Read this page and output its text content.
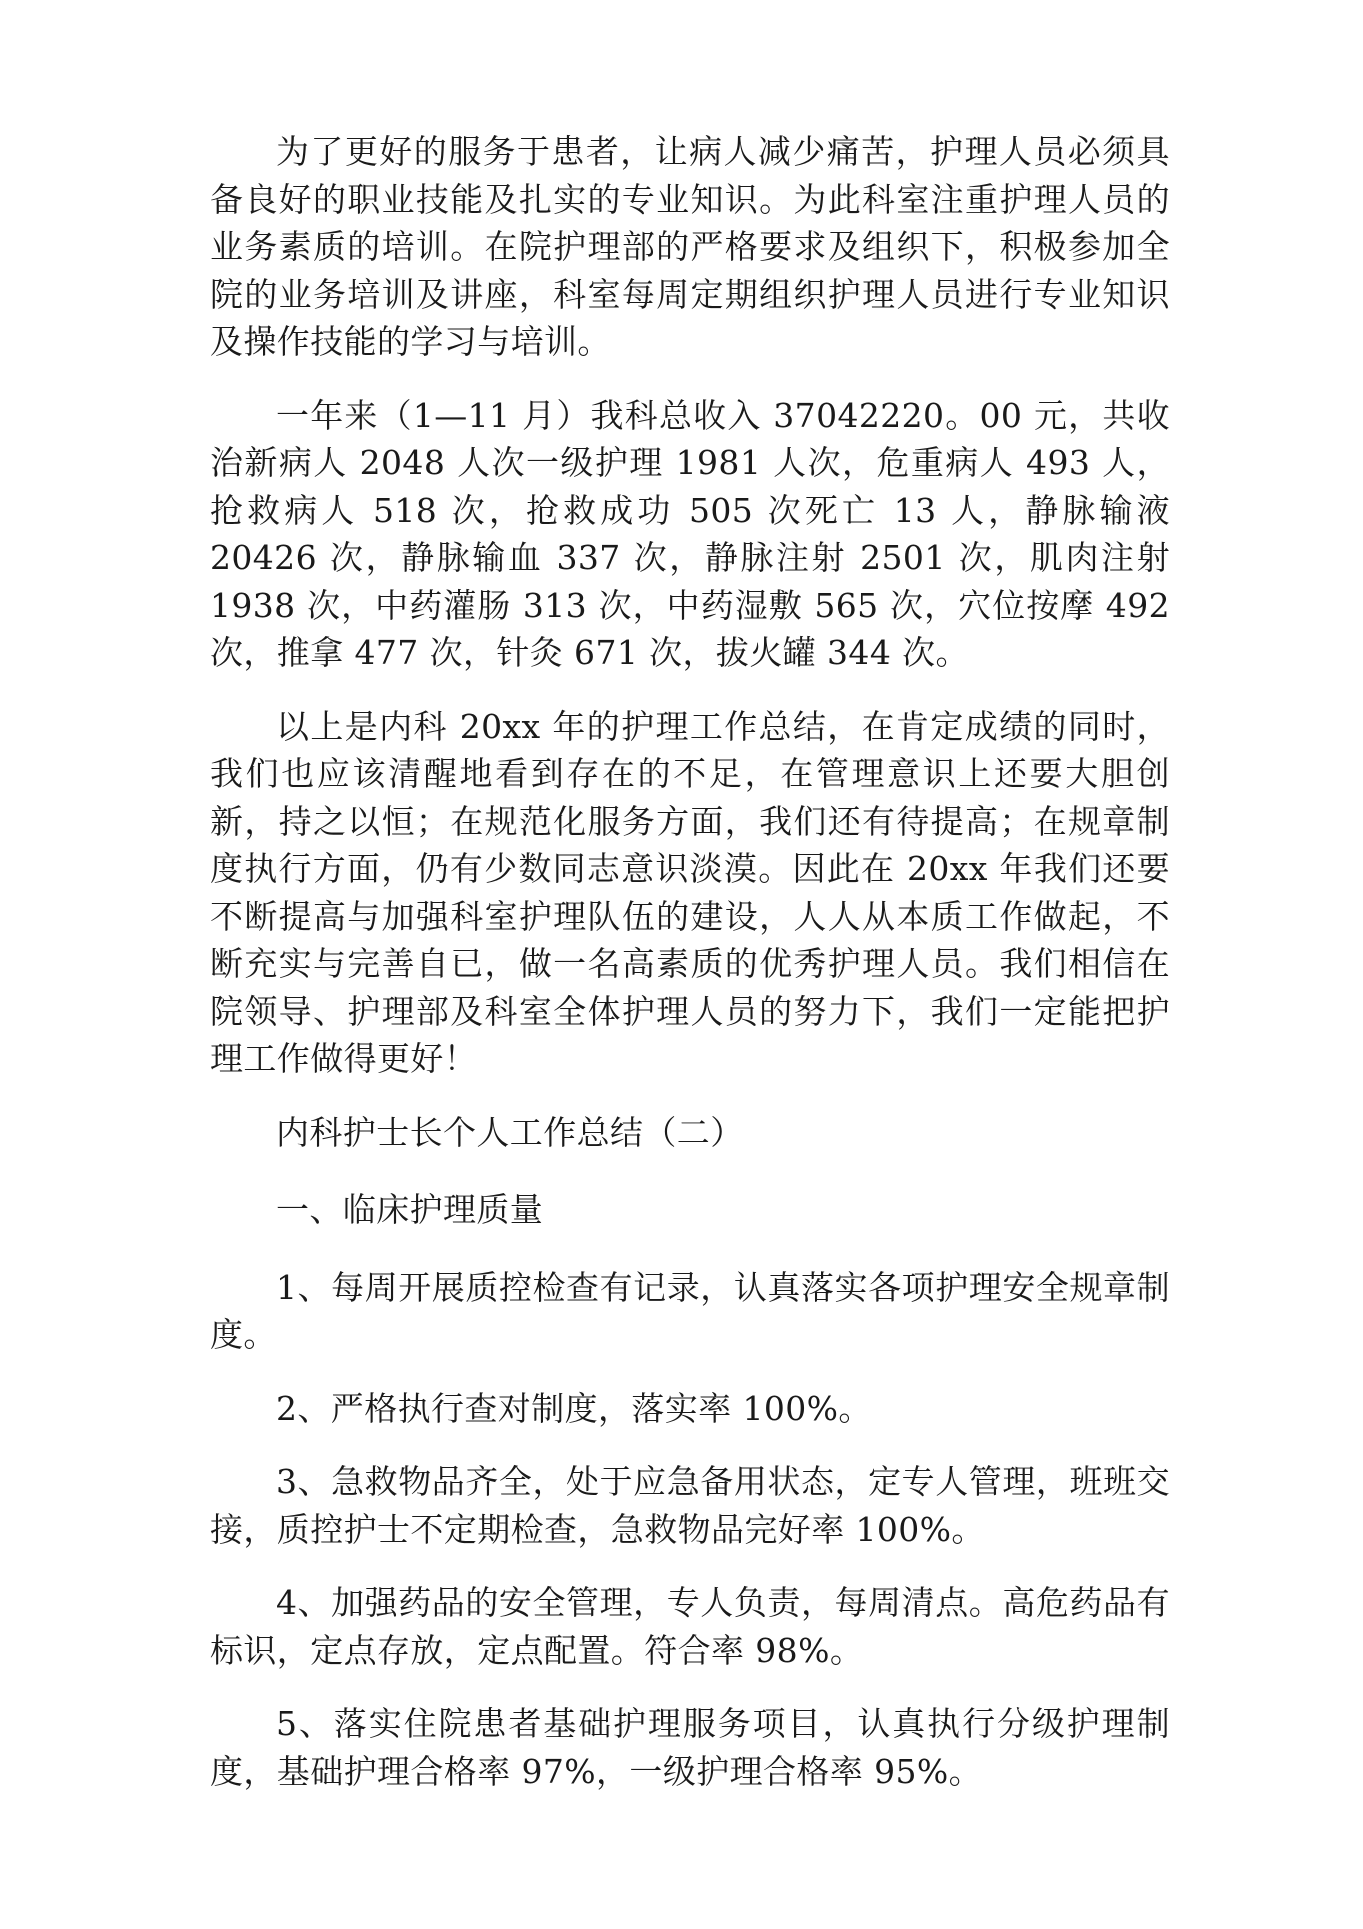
为了更好的服务于患者，让病人减少痛苦，护理人员必须具备良好的职业技能及扎实的专业知识。为此科室注重护理人员的业务素质的培训。在院护理部的严格要求及组织下，积极参加全院的业务培训及讲座，科室每周定期组织护理人员进行专业知识及操作技能的学习与培训。

一年来（1—11 月）我科总收入 37042220。00 元，共收治新病人 2048 人次一级护理 1981 人次，危重病人 493 人，抢救病人 518 次，抢救成功 505 次死亡 13 人，静脉输液 20426 次，静脉输血 337 次，静脉注射 2501 次，肌肉注射 1938 次，中药灌肠 313 次，中药湿敷 565 次，穴位按摩 492 次，推拿 477 次，针灸 671 次，拔火罐 344 次。

以上是内科 20xx 年的护理工作总结，在肯定成绩的同时，我们也应该清醒地看到存在的不足，在管理意识上还要大胆创新，持之以恒；在规范化服务方面，我们还有待提高；在规章制度执行方面，仍有少数同志意识淡漠。因此在 20xx 年我们还要不断提高与加强科室护理队伍的建设，人人从本质工作做起，不断充实与完善自已，做一名高素质的优秀护理人员。我们相信在院领导、护理部及科室全体护理人员的努力下，我们一定能把护理工作做得更好！

内科护士长个人工作总结（二）

一、临床护理质量

1、每周开展质控检查有记录，认真落实各项护理安全规章制度。

2、严格执行查对制度，落实率 100%。

3、急救物品齐全，处于应急备用状态，定专人管理，班班交接，质控护士不定期检查，急救物品完好率 100%。

4、加强药品的安全管理，专人负责，每周清点。高危药品有标识，定点存放，定点配置。符合率 98%。

5、落实住院患者基础护理服务项目，认真执行分级护理制度，基础护理合格率 97%，一级护理合格率 95%。
